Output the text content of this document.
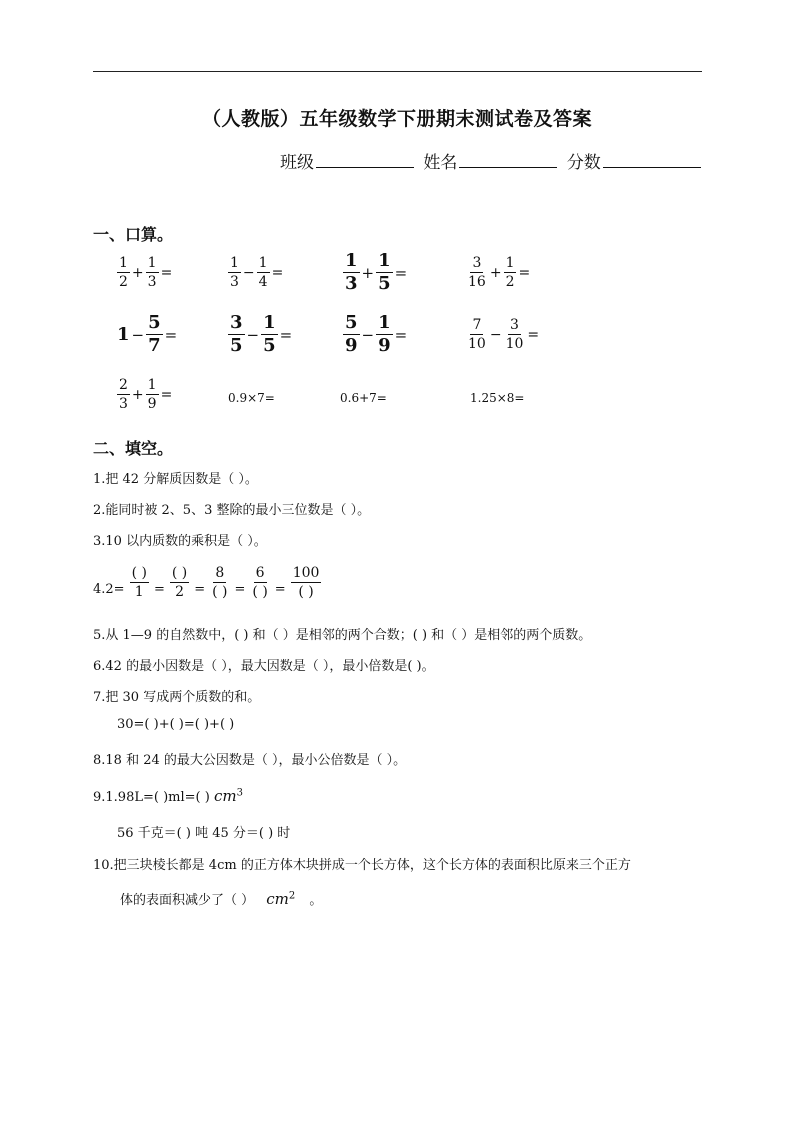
（人教版）五年级数学下册期末测试卷及答案
班级	姓名	分数
一、口算。
$\frac{1}{2} + \frac{1}{3}$ =	$\frac{1}{3} - \frac{1}{4}$ =	$\frac{1}{3} + \frac{1}{5}$ =	$\frac{3}{16} + \frac{1}{2}$ =
$1 - \frac{5}{7}$ =	$\frac{3}{5} - \frac{1}{5}$ =	$\frac{5}{9} - \frac{1}{9}$ =	$\frac{7}{10} - \frac{3}{10}$ =
$\frac{2}{3} + \frac{1}{9}$ =	0.9×7=	0.6+7=	1.25×8=
二、填空。
1.把 42 分解质因数是（ ）。
2.能同时被 2、5、3 整除的最小三位数是（ ）。
3.10 以内质数的乘积是（ ）。
$4.2= \frac{( )}{1} = \frac{( )}{2} = \frac{8}{( )} = \frac{6}{( )} = \frac{100}{( )}$
5.从 1—9 的自然数中，( ) 和（ ）是相邻的两个合数；( ) 和（ ）是相邻的两个质数。
6.42 的最小因数是（ ），最大因数是（ ），最小倍数是( )。
7.把 30 写成两个质数的和。
30=( )+( )=( )+( )
8.18 和 24 的最大公因数是（ ），最小公倍数是（ ）。
9.1.98L=( )ml=( ) $cm^3$
56 千克＝( ) 吨 45 分＝( ) 时
10.把三块棱长都是 4cm 的正方体木块拼成一个长方体，这个长方体的表面积比原来三个正方
体的表面积减少了（ ） $cm^2$ 。
